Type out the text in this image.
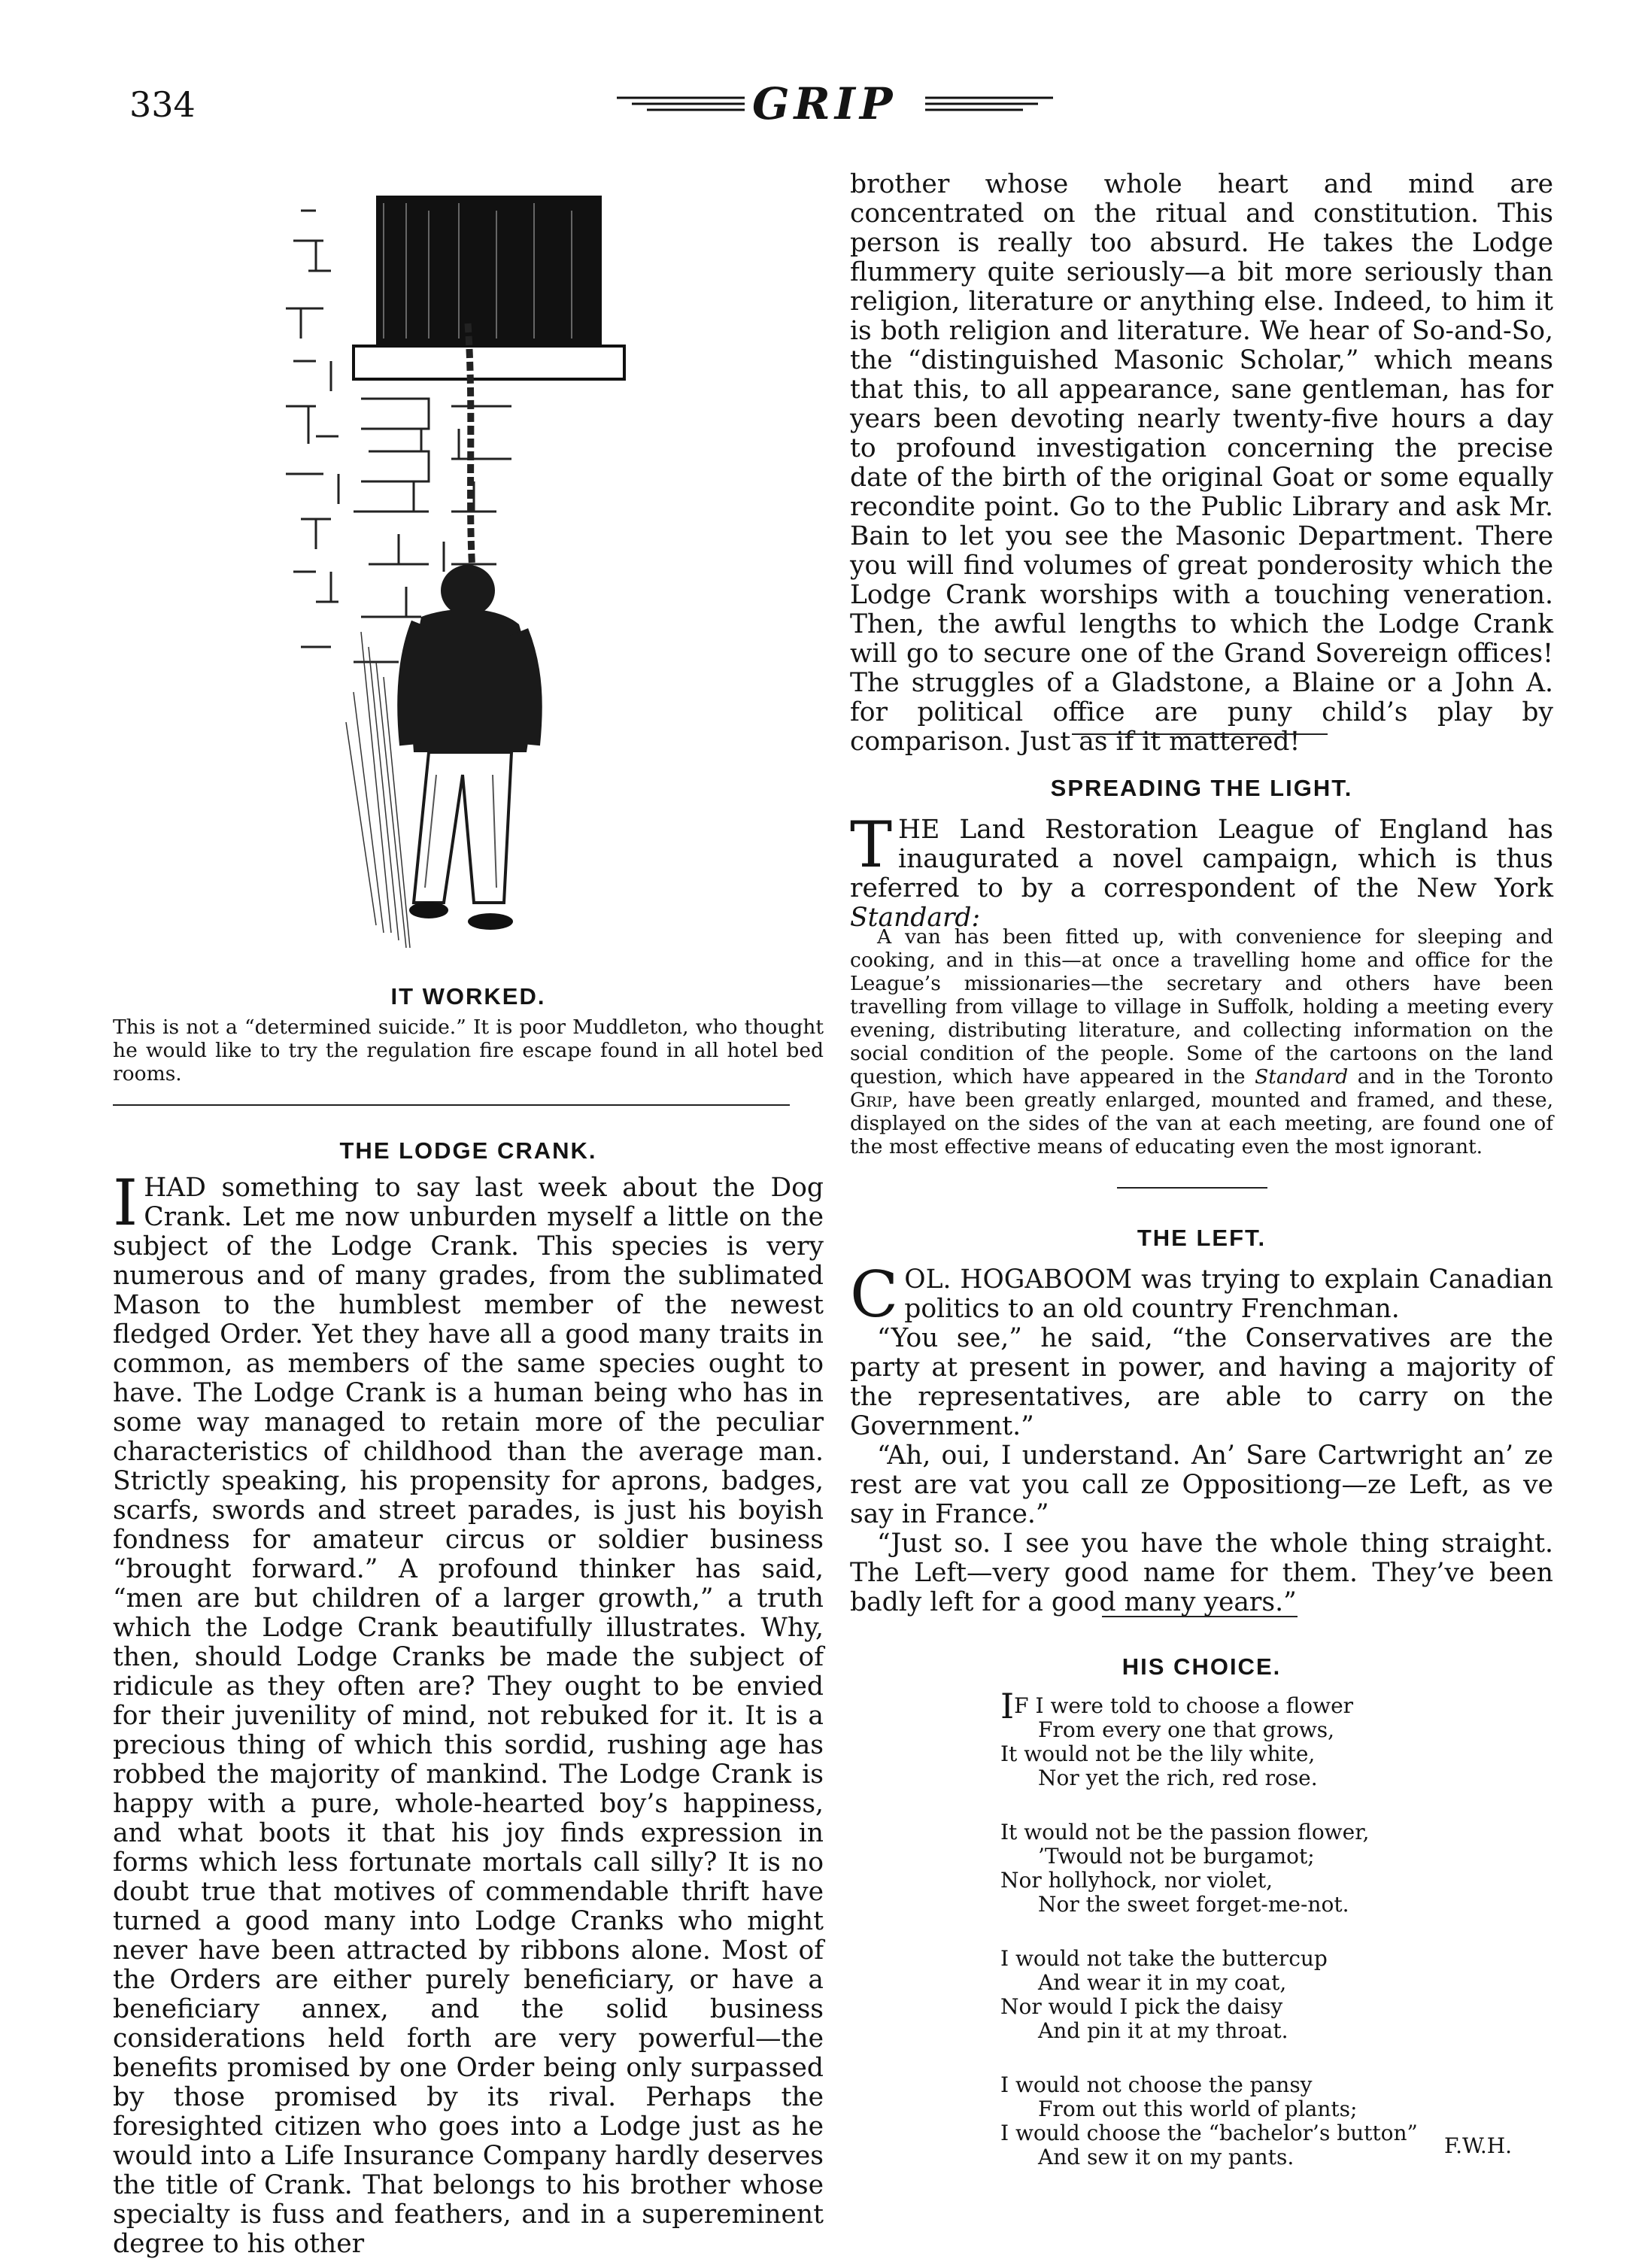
334	GRIP
IT WORKED.
This is not a “determined suicide.” It is poor Muddleton, who thought he would like to try the regulation fire escape found in all hotel bed rooms.
THE LODGE CRANK.

IHAD something to say last week about the Dog Crank. Let me now unburden myself a little on the subject of the Lodge Crank. This species is very numerous and of many grades, from the sublimated Mason to the humblest member of the newest fledged Order. Yet they have all a good many traits in common, as members of the same species ought to have. The Lodge Crank is a human being who has in some way managed to retain more of the peculiar characteristics of childhood than the average man. Strictly speaking, his propensity for aprons, badges, scarfs, swords and street parades, is just his boyish fondness for amateur circus or soldier business “brought forward.” A profound thinker has said, “men are but children of a larger growth,” a truth which the Lodge Crank beautifully illustrates. Why, then, should Lodge Cranks be made the subject of ridicule as they often are? They ought to be envied for their juvenility of mind, not rebuked for it. It is a precious thing of which this sordid, rushing age has robbed the majority of mankind. The Lodge Crank is happy with a pure, whole-hearted boy’s happiness, and what boots it that his joy finds expression in forms which less fortunate mortals call silly? It is no doubt true that motives of commendable thrift have turned a good many into Lodge Cranks who might never have been attracted by ribbons alone. Most of the Orders are either purely beneficiary, or have a beneficiary annex, and the solid business considerations held forth are very powerful—the benefits promised by one Order being only surpassed by those promised by its rival. Perhaps the foresighted citizen who goes into a Lodge just as he would into a Life Insurance Company hardly deserves the title of Crank. That belongs to his brother whose specialty is fuss and feathers, and in a supereminent degree to his other

brother whose whole heart and mind are concentrated on the ritual and constitution. This person is really too absurd. He takes the Lodge flummery quite seriously—a bit more seriously than religion, literature or anything else. Indeed, to him it is both religion and literature. We hear of So-and-So, the “distinguished Masonic Scholar,” which means that this, to all appearance, sane gentleman, has for years been devoting nearly twenty-five hours a day to profound investigation concerning the precise date of the birth of the original Goat or some equally recondite point. Go to the Public Library and ask Mr. Bain to let you see the Masonic Department. There you will find volumes of great ponderosity which the Lodge Crank worships with a touching veneration. Then, the awful lengths to which the Lodge Crank will go to secure one of the Grand Sovereign offices! The struggles of a Gladstone, a Blaine or a John A. for political office are puny child’s play by comparison. Just as if it mattered!

SPREADING THE LIGHT.

THE Land Restoration League of England has inaugurated a novel campaign, which is thus referred to by a correspondent of the New York Standard:

A van has been fitted up, with convenience for sleeping and cooking, and in this—at once a travelling home and office for the League’s missionaries—the secretary and others have been travelling from village to village in Suffolk, holding a meeting every evening, distributing literature, and collecting information on the social condition of the people. Some of the cartoons on the land question, which have appeared in the Standard and in the Toronto Grip, have been greatly enlarged, mounted and framed, and these, displayed on the sides of the van at each meeting, are found one of the most effective means of educating even the most ignorant.
THE LEFT.

COL. HOGABOOM was trying to explain Canadian politics to an old country Frenchman.

“You see,” he said, “the Conservatives are the party at present in power, and having a majority of the representatives, are able to carry on the Government.”

“Ah, oui, I understand. An’ Sare Cartwright an’ ze rest are vat you call ze Oppositiong—ze Left, as ve say in France.”

“Just so. I see you have the whole thing straight. The Left—very good name for them. They’ve been badly left for a good many years.”

HIS CHOICE.
IF I were told to choose a flower
From every one that grows,
It would not be the lily white,
Nor yet the rich, red rose.
It would not be the passion flower,
’Twould not be burgamot;
Nor hollyhock, nor violet,
Nor the sweet forget-me-not.
I would not take the buttercup
And wear it in my coat,
Nor would I pick the daisy
And pin it at my throat.
I would not choose the pansy
From out this world of plants;
I would choose the “bachelor’s button”
And sew it on my pants.	F.W.H.
